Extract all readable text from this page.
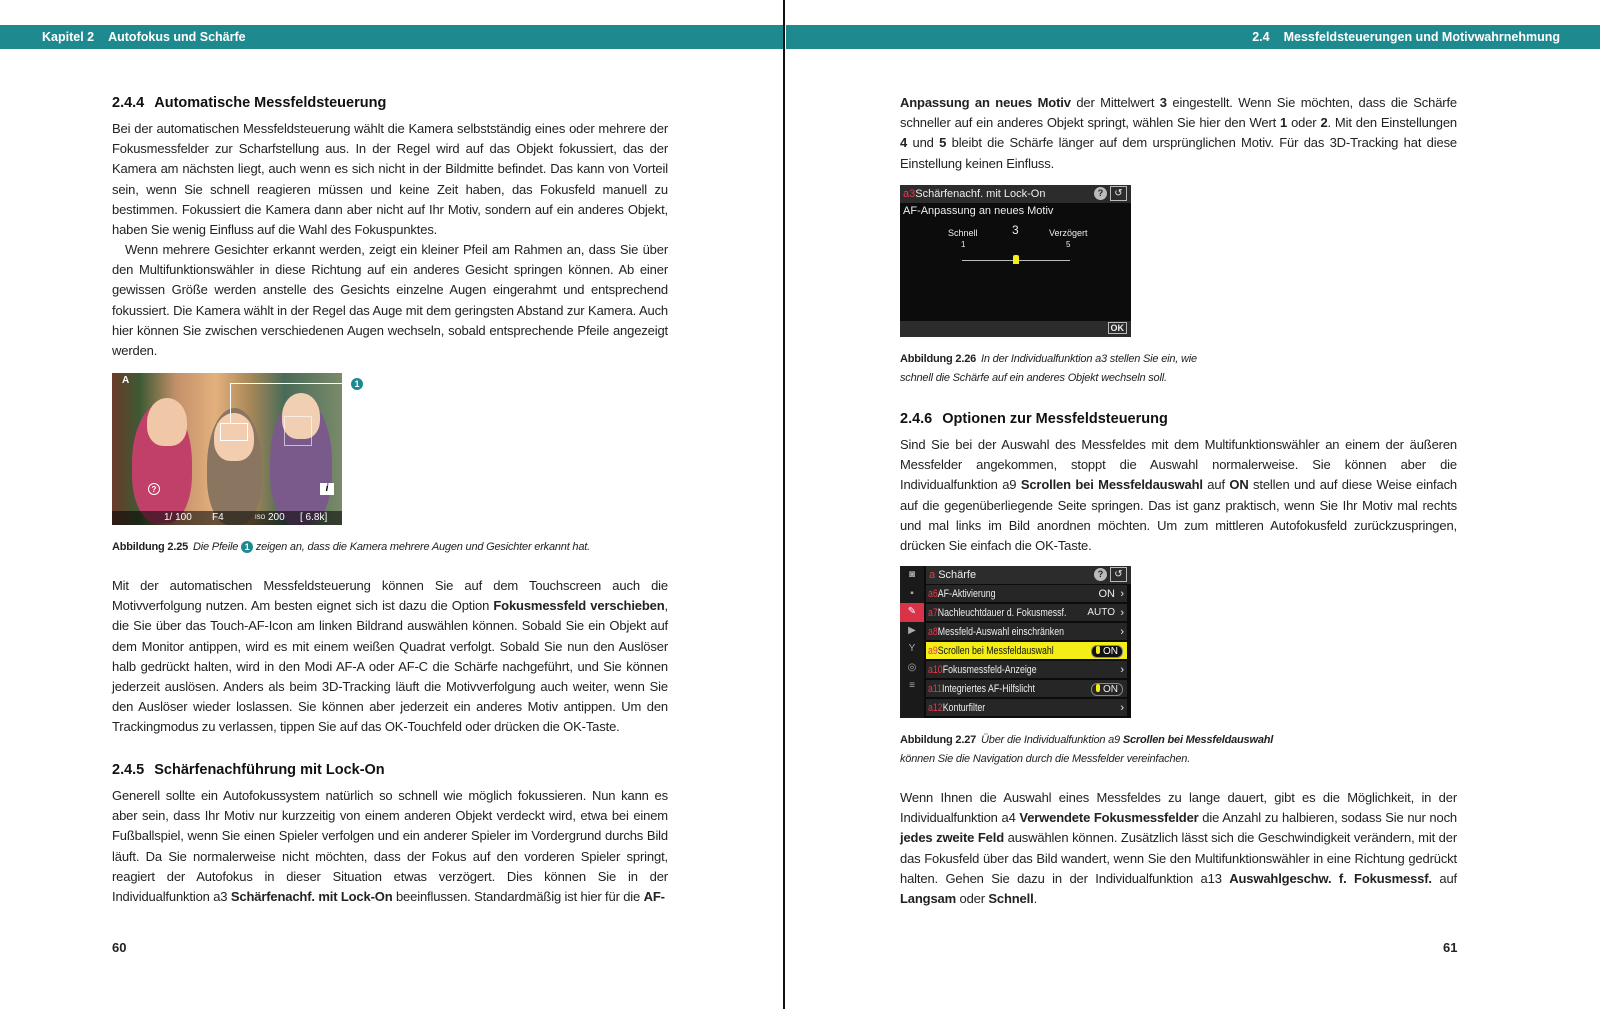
Kapitel 2 Autofokus und Schärfe	2.4 Messfeldsteuerungen und Motivwahrnehmung
2.4.4 Automatische Messfeldsteuerung

Bei der automatischen Messfeldsteuerung wählt die Kamera selbstständig eines oder mehrere der Fokusmessfelder zur Scharfstellung aus. In der Regel wird auf das Objekt fokussiert, das der Kamera am nächsten liegt, auch wenn es sich nicht in der Bildmitte befindet. Das kann von Vorteil sein, wenn Sie schnell reagieren müssen und keine Zeit haben, das Fokusfeld manuell zu bestimmen. Fokussiert die Kamera dann aber nicht auf Ihr Motiv, sondern auf ein anderes Objekt, haben Sie wenig Einfluss auf die Wahl des Fokuspunktes.

Wenn mehrere Gesichter erkannt werden, zeigt ein kleiner Pfeil am Rahmen an, dass Sie über den Multifunktionswähler in diese Richtung auf ein anderes Gesicht springen können. Ab einer gewissen Größe werden anstelle des Gesichts einzelne Augen eingerahmt und entsprechend fokussiert. Die Kamera wählt in der Regel das Auge mit dem geringsten Abstand zur Kamera. Auch hier können Sie zwischen verschiedenen Augen wechseln, sobald entsprechende Pfeile angezeigt werden.

A
?	i
1/ 100 F4	ISO 200 [ 6.8k]
1
Abbildung 2.25 Die Pfeile 1 zeigen an, dass die Kamera mehrere Augen und Gesichter erkannt hat.

Mit der automatischen Messfeldsteuerung können Sie auf dem Touchscreen auch die Motivverfolgung nutzen. Am besten eignet sich ist dazu die Option Fokusmessfeld verschieben, die Sie über das Touch-AF-Icon am linken Bildrand auswählen können. Sobald Sie ein Objekt auf dem Monitor antippen, wird es mit einem weißen Quadrat verfolgt. Sobald Sie nun den Auslöser halb gedrückt halten, wird in den Modi AF-A oder AF-C die Schärfe nachgeführt, und Sie können jederzeit auslösen. Anders als beim 3D-Tracking läuft die Motivverfolgung auch weiter, wenn Sie den Auslöser wieder loslassen. Sie können aber jederzeit ein anderes Motiv antippen. Um den Trackingmodus zu verlassen, tippen Sie auf das OK-Touchfeld oder drücken die OK-Taste.

2.4.5 Schärfenachführung mit Lock-On

Generell sollte ein Autofokussystem natürlich so schnell wie möglich fokussieren. Nun kann es aber sein, dass Ihr Motiv nur kurzzeitig von einem anderen Objekt verdeckt wird, etwa bei einem Fußballspiel, wenn Sie einen Spieler verfolgen und ein anderer Spieler im Vordergrund durchs Bild läuft. Da Sie normalerweise nicht möchten, dass der Fokus auf den vorderen Spieler springt, reagiert der Autofokus in dieser Situation etwas verzögert. Dies können Sie in der Individualfunktion a3 Schärfenachf. mit Lock-On beeinflussen. Standardmäßig ist hier für die AF-

60

Anpassung an neues Motiv der Mittelwert 3 eingestellt. Wenn Sie möchten, dass die Schärfe schneller auf ein anderes Objekt springt, wählen Sie hier den Wert 1 oder 2. Mit den Einstellungen 4 und 5 bleibt die Schärfe länger auf dem ursprünglichen Motiv. Für das 3D-Tracking hat diese Einstellung keinen Einfluss.

a3Schärfenachf. mit Lock-On	?	↺
AF-Anpassung an neues Motiv
Schnell	3	Verzögert
1	5
OK
Abbildung 2.26 In der Individualfunktion a3 stellen Sie ein, wie schnell die Schärfe auf ein anderes Objekt wechseln soll.
2.4.6 Optionen zur Messfeldsteuerung

Sind Sie bei der Auswahl des Messfeldes mit dem Multifunktionswähler an einem der äußeren Messfelder angekommen, stoppt die Auswahl normalerweise. Sie können aber die Individualfunktion a9 Scrollen bei Messfeldauswahl auf ON stellen und auf diese Weise einfach auf die gegenüberliegende Seite springen. Das ist ganz praktisch, wenn Sie Ihr Motiv mal rechts und mal links im Bild anordnen möchten. Um zum mittleren Autofokusfeld zurückzuspringen, drücken Sie einfach die OK-Taste.

◙
▪
✎
▶
Y
◎
≡
a Schärfe	?	↺
a6AF-Aktivierung	ON ›
a7Nachleuchtdauer d. Fokusmessf. AUTO ›
a8Messfeld-Auswahl einschränken	›
a9Scrollen bei Messfeldauswahl	ON
a10Fokusmessfeld-Anzeige	›
a11Integriertes AF-Hilfslicht	ON
a12Konturfilter	›
Abbildung 2.27 Über die Individualfunktion a9 Scrollen bei Messfeldauswahl
können Sie die Navigation durch die Messfelder vereinfachen.

Wenn Ihnen die Auswahl eines Messfeldes zu lange dauert, gibt es die Möglichkeit, in der Individualfunktion a4 Verwendete Fokusmessfelder die Anzahl zu halbieren, sodass Sie nur noch jedes zweite Feld auswählen können. Zusätzlich lässt sich die Geschwindigkeit verändern, mit der das Fokusfeld über das Bild wandert, wenn Sie den Multifunktionswähler in eine Richtung gedrückt halten. Gehen Sie dazu in der Individualfunktion a13 Auswahlgeschw. f. Fokusmessf. auf Langsam oder Schnell.

61
